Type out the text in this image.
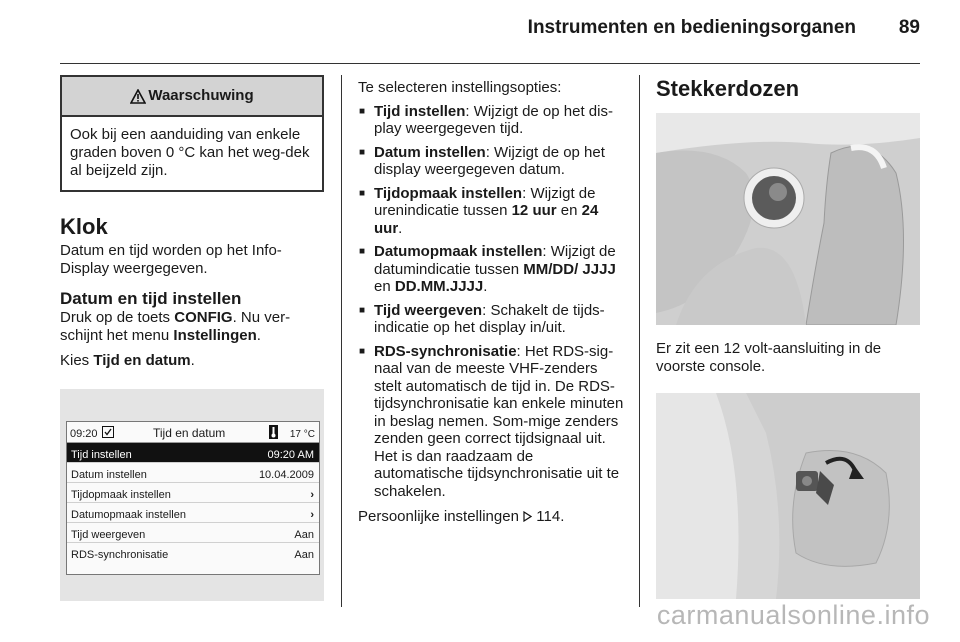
Instrumenten en bedieningsorganen 89
Waarschuwing
Ook bij een aanduiding van enkele graden boven 0 °C kan het weg-dek al beijzeld zijn.
Klok

Datum en tijd worden op het Info-Display weergegeven.

Datum en tijd instellen

Druk op de toets CONFIG. Nu ver-schijnt het menu Instellingen.

Kies Tijd en datum.

09:20	Tijd en datum	17 °C
Tijd instellen	09:20 AM
Datum instellen	10.04.2009
Tijdopmaak instellen	›
Datumopmaak instellen	›
Tijd weergeven	Aan
RDS-synchronisatie	Aan

Te selecteren instellingsopties:

■ Tijd instellen: Wijzigt de op het dis-play weergegeven tijd.
■ Datum instellen: Wijzigt de op het display weergegeven datum.
■ Tijdopmaak instellen: Wijzigt de urenindicatie tussen 12 uur en 24 uur.
■ Datumopmaak instellen: Wijzigt de datumindicatie tussen MM/DD/ JJJJ en DD.MM.JJJJ.
■ Tijd weergeven: Schakelt de tijds-indicatie op het display in/uit.
■ RDS-synchronisatie: Het RDS-sig-naal van de meeste VHF-zenders stelt automatisch de tijd in. De RDS-tijdsynchronisatie kan enkele minuten in beslag nemen. Som-mige zenders zenden geen correct tijdsignaal uit. Het is dan raadzaam de automatische tijdsynchronisatie uit te schakelen.

Persoonlijke instellingen 114.

Stekkerdozen

Er zit een 12 volt-aansluiting in de voorste console.

carmanualsonline.info
